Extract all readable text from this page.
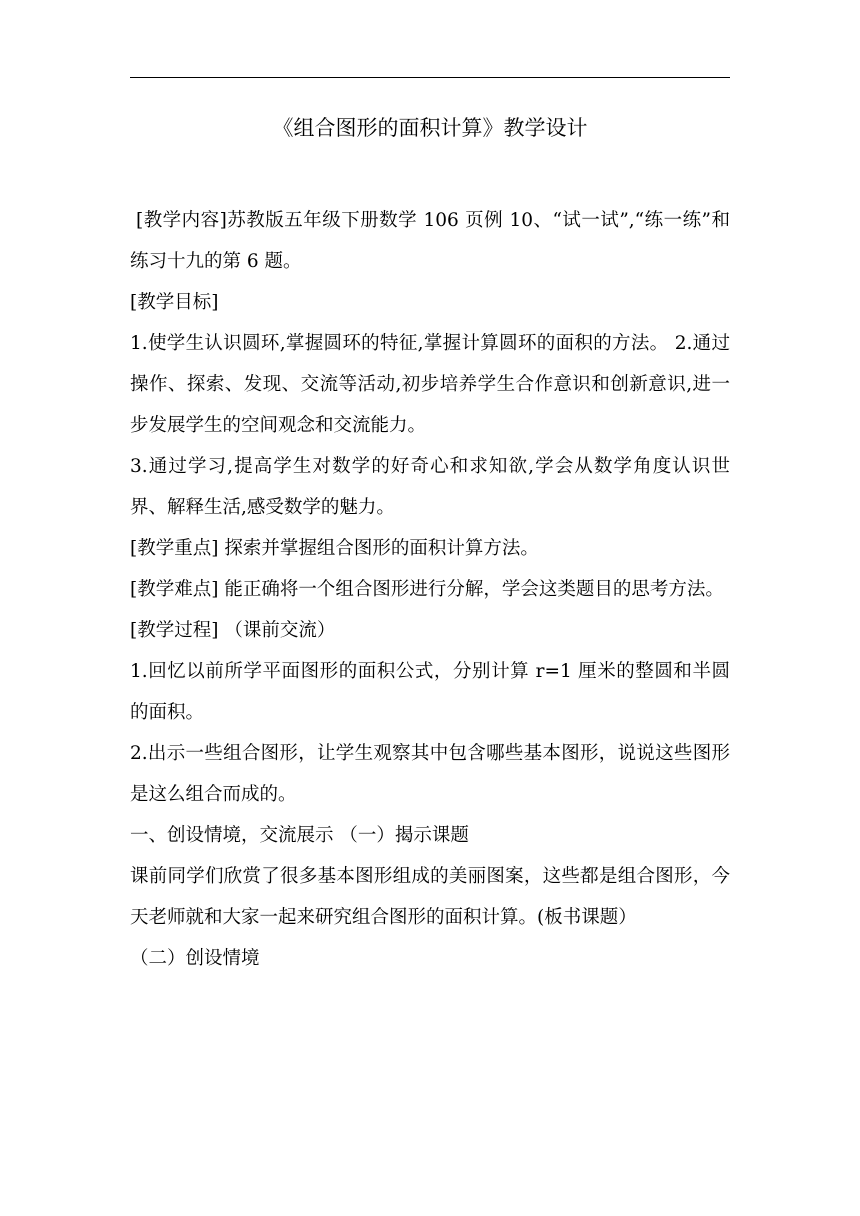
《组合图形的面积计算》教学设计

[教学内容]苏教版五年级下册数学 106 页例 10、“试一试”,“练一练”和练习十九的第 6 题。

[教学目标]

1.使学生认识圆环,掌握圆环的特征,掌握计算圆环的面积的方法。 2.通过操作、探索、发现、交流等活动,初步培养学生合作意识和创新意识,进一步发展学生的空间观念和交流能力。

3.通过学习,提高学生对数学的好奇心和求知欲,学会从数学角度认识世界、解释生活,感受数学的魅力。

[教学重点] 探索并掌握组合图形的面积计算方法。

[教学难点] 能正确将一个组合图形进行分解，学会这类题目的思考方法。

[教学过程] （课前交流）

1.回忆以前所学平面图形的面积公式，分别计算 r=1 厘米的整圆和半圆的面积。

2.出示一些组合图形，让学生观察其中包含哪些基本图形，说说这些图形是这么组合而成的。

一、创设情境，交流展示 （一）揭示课题

课前同学们欣赏了很多基本图形组成的美丽图案，这些都是组合图形，今天老师就和大家一起来研究组合图形的面积计算。(板书课题）

（二）创设情境
